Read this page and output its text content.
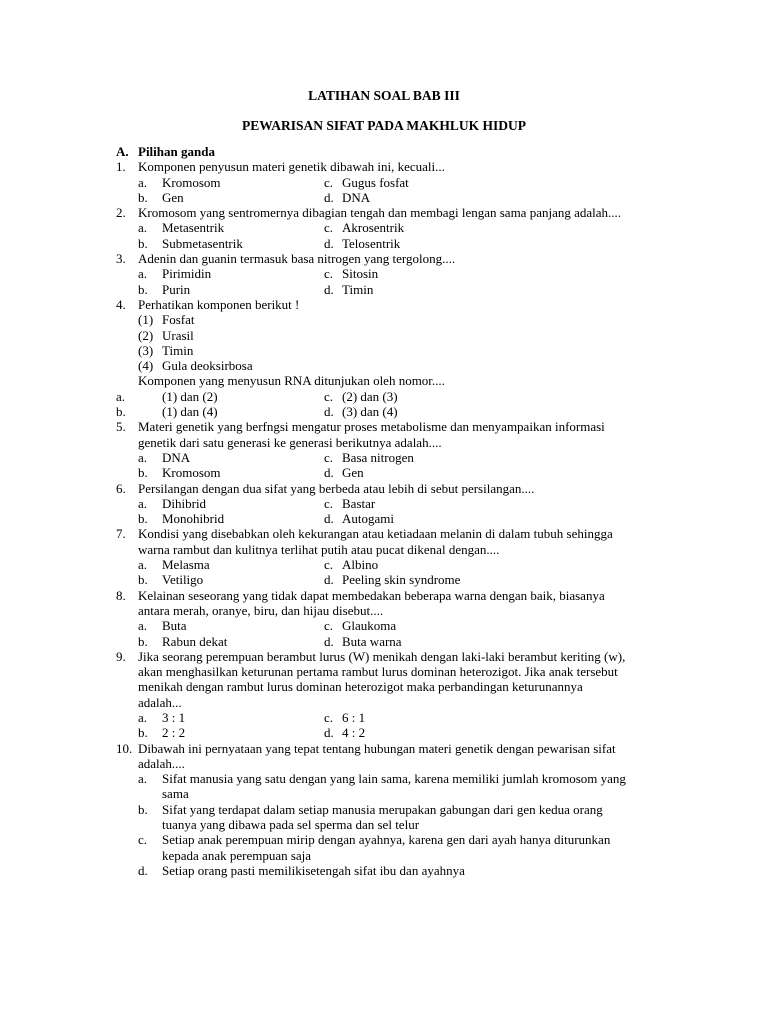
LATIHAN SOAL BAB III
PEWARISAN SIFAT PADA MAKHLUK HIDUP
A. Pilihan ganda
1. Komponen penyusun materi genetik dibawah ini, kecuali...
a. Kromosom	c. Gugus fosfat
b. Gen	d. DNA
2. Kromosom yang sentromernya dibagian tengah dan membagi lengan sama panjang adalah....
a. Metasentrik	c. Akrosentrik
b. Submetasentrik	d. Telosentrik
3. Adenin dan guanin termasuk basa nitrogen yang tergolong....
a. Pirimidin	c. Sitosin
b. Purin	d. Timin
4. Perhatikan komponen berikut !
(1) Fosfat
(2) Urasil
(3) Timin
(4) Gula deoksirbosa
Komponen yang menyusun RNA ditunjukan oleh nomor....
a.	(1) dan (2)	c. (2) dan (3)
b.	(1) dan (4)	d. (3) dan (4)
5. Materi genetik yang berfngsi mengatur proses metabolisme dan menyampaikan informasi
genetik dari satu generasi ke generasi berikutnya adalah....
a. DNA	c. Basa nitrogen
b. Kromosom	d. Gen
6. Persilangan dengan dua sifat yang berbeda atau lebih di sebut persilangan....
a. Dihibrid	c. Bastar
b. Monohibrid	d. Autogami
7. Kondisi yang disebabkan oleh kekurangan atau ketiadaan melanin di dalam tubuh sehingga
warna rambut dan kulitnya terlihat putih atau pucat dikenal dengan....
a. Melasma	c. Albino
b. Vetiligo	d. Peeling skin syndrome
8. Kelainan seseorang yang tidak dapat membedakan beberapa warna dengan baik, biasanya
antara merah, oranye, biru, dan hijau disebut....
a. Buta	c. Glaukoma
b. Rabun dekat	d. Buta warna
9. Jika seorang perempuan berambut lurus (W) menikah dengan laki-laki berambut keriting (w),
akan menghasilkan keturunan pertama rambut lurus dominan heterozigot. Jika anak tersebut
menikah dengan rambut lurus dominan heterozigot maka perbandingan keturunannya
adalah...
a. 3 : 1	c. 6 : 1
b. 2 : 2	d. 4 : 2
10. Dibawah ini pernyataan yang tepat tentang hubungan materi genetik dengan pewarisan sifat
adalah....
a. Sifat manusia yang satu dengan yang lain sama, karena memiliki jumlah kromosom yang
sama
b. Sifat yang terdapat dalam setiap manusia merupakan gabungan dari gen kedua orang
tuanya yang dibawa pada sel sperma dan sel telur
c. Setiap anak perempuan mirip dengan ayahnya, karena gen dari ayah hanya diturunkan
kepada anak perempuan saja
d. Setiap orang pasti memilikisetengah sifat ibu dan ayahnya
